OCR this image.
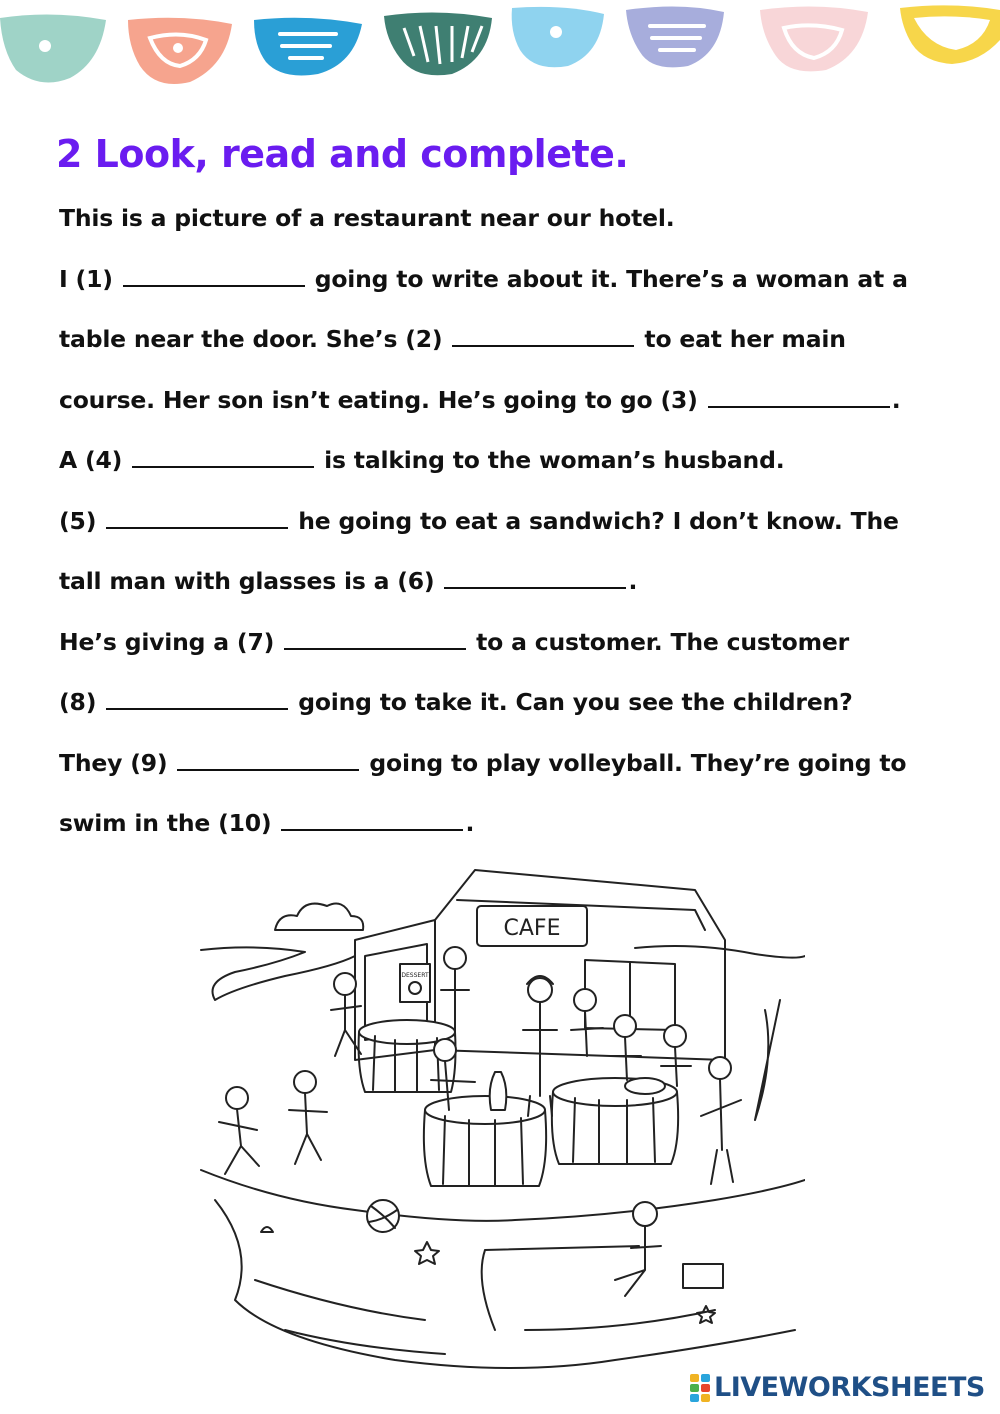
2 Look, read and complete.
This is a picture of a restaurant near our hotel.
I (1)	going to write about it. There’s a woman at a
table near the door. She’s (2)	to eat her main
course. Her son isn’t eating. He’s going to go (3)	.
A (4)	is talking to the woman’s husband.
(5)	he going to eat a sandwich? I don’t know. The
tall man with glasses is a (6)	.
He’s giving a (7)	to a customer. The customer
(8)	going to take it. Can you see the children?
They (9)	going to play volleyball. They’re going to
swim in the (10)	.
CAFE
DESSERT
LIVEWORKSHEETS
